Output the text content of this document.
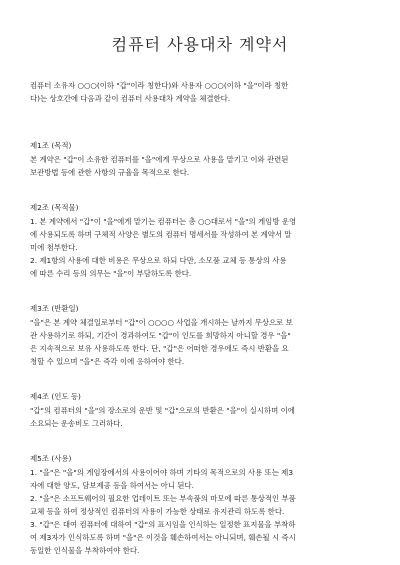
컴퓨터 사용대차 계약서

컴퓨터 소유자 ○○○(이하 "갑"이라 칭한다)와 사용자 ○○○(이하 "을"이라 칭한
다)는 상호간에 다음과 같이 컴퓨터 사용대차 계약을 체결한다.

제1조 (목적)
본 계약은 "갑"이 소유한 컴퓨터를 "을"에게 무상으로 사용을 맡기고 이와 관련된
보관방법 등에 관한 사항의 규율을 목적으로 한다.
제2조 (목적물)
1. 본 계약에서 "갑"이 "을"에게 맡기는 컴퓨터는 총 ○○대로서 "을"의 게임방 운영
에 사용되도록 하며 구체적 사양은 별도의 컴퓨터 명세서를 작성하여 본 계약서 말
미에 첨부한다.
2. 제1항의 사용에 대한 비용은 무상으로 하되 다만, 소모품 교체 등 통상의 사용
에 따른 수리 등의 의무는 "을"이 부담하도록 한다.
제3조 (반환일)
"을"은 본 계약 체결일로부터 "갑"이 ○○○○ 사업을 개시하는 날까지 무상으로 보
관 사용하기로 하되, 기간이 경과하여도 "갑"이 인도를 희망하지 아니할 경우 "을"
은 지속적으로 보유 사용하도록 한다. 단, "갑"은 어떠한 경우에도 즉시 반환을 요
청할 수 있으며 "을"은 즉각 이에 응하여야 한다.
제4조 (인도 등)
"갑"의 컴퓨터의 "을"의 장소로의 운반 및 "갑"으로의 반환은 "을"이 실시하며 이에
소요되는 운송비도 그러하다.
제5조 (사용)
1. "을"은 "을"의 게임장에서의 사용이어야 하며 기타의 목적으로의 사용 또는 제3
자에 대한 양도, 담보제공 등을 하여서는 아니 된다.
2. "을"은 소프트웨어의 필요한 업데이트 또는 부속품의 마모에 따른 통상적인 부품
교체 등을 하여 정상적인 컴퓨터의 사용이 가능한 상태로 유지관리 하도록 한다.
3. "갑"은 대여 컴퓨터에 대하여 "갑"의 표시임을 인식하는 일정한 표지물을 부착하
여 제3자가 인식하도록 하며 "을"은 이것을 훼손하여서는 아니되며, 훼손될 시 즉시
동일한 인식물을 부착하여야 한다.
